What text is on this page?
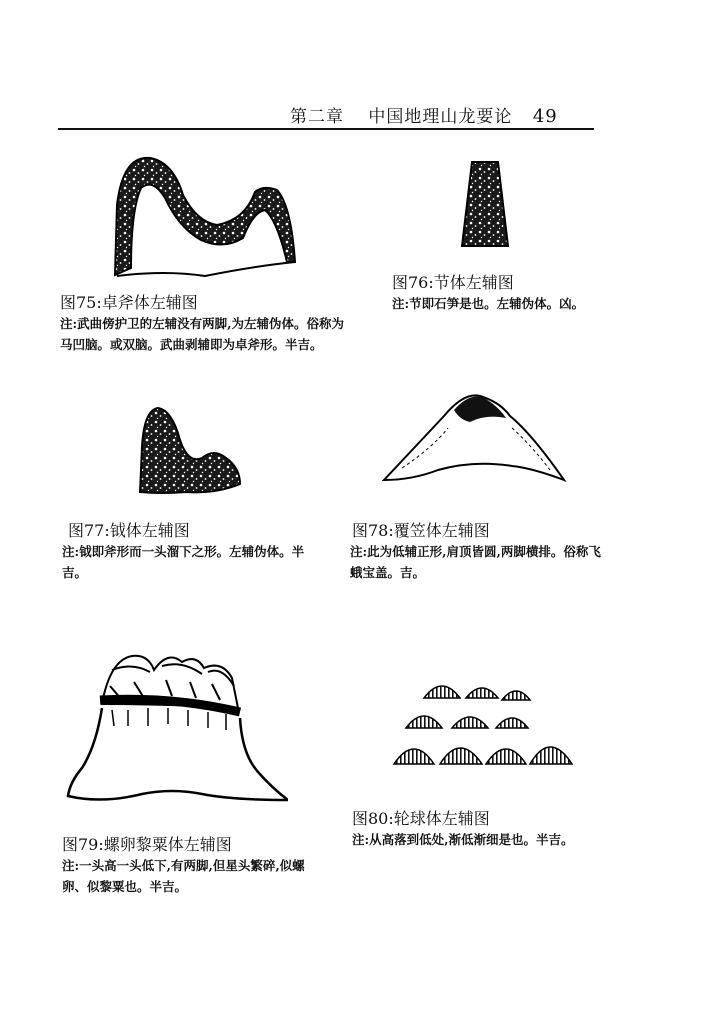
第二章 中国地理山龙要论 49
图75:卓斧体左辅图
注:武曲傍护卫的左辅没有两脚,为左辅伪体。俗称为马凹脑。或双脑。武曲剥辅即为卓斧形。半吉。
图76:节体左辅图
注:节即石笋是也。左辅伪体。凶。
图77:钺体左辅图
注:钺即斧形而一头溜下之形。左辅伪体。半吉。
图78:覆笠体左辅图
注:此为低辅正形,肩顶皆圆,两脚横排。俗称飞蛾宝盖。吉。
图79:螺卵黎粟体左辅图
注:一头高一头低下,有两脚,但星头繁碎,似螺卵、似黎粟也。半吉。
图80:轮球体左辅图
注:从高落到低处,渐低渐细是也。半吉。
